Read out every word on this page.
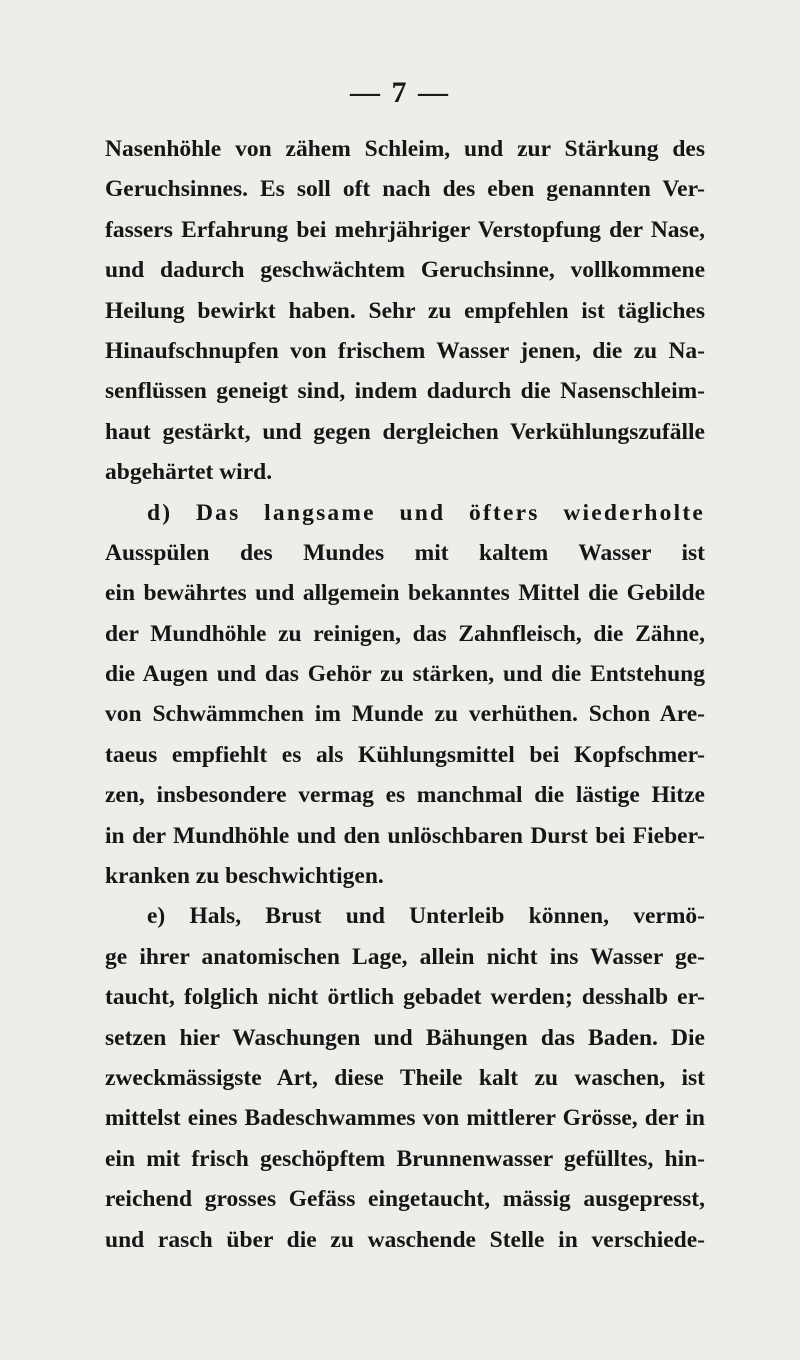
— 7 —
Nasenhöhle von zähem Schleim, und zur Stärkung des
Geruchsinnes. Es soll oft nach des eben genannten Ver-
fassers Erfahrung bei mehrjähriger Verstopfung der Nase,
und dadurch geschwächtem Geruchsinne, vollkommene
Heilung bewirkt haben. Sehr zu empfehlen ist tägliches
Hinaufschnupfen von frischem Wasser jenen, die zu Na-
senflüssen geneigt sind, indem dadurch die Nasenschleim-
haut gestärkt, und gegen dergleichen Verkühlungszufälle
abgehärtet wird.
d) Das langsame und öfters wiederholte
Ausspülen des Mundes mit kaltem Wasser ist
ein bewährtes und allgemein bekanntes Mittel die Gebilde
der Mundhöhle zu reinigen, das Zahnfleisch, die Zähne,
die Augen und das Gehör zu stärken, und die Entstehung
von Schwämmchen im Munde zu verhüthen. Schon Are-
taeus empfiehlt es als Kühlungsmittel bei Kopfschmer-
zen, insbesondere vermag es manchmal die lästige Hitze
in der Mundhöhle und den unlöschbaren Durst bei Fieber-
kranken zu beschwichtigen.
e) Hals, Brust und Unterleib können, vermö-
ge ihrer anatomischen Lage, allein nicht ins Wasser ge-
taucht, folglich nicht örtlich gebadet werden; desshalb er-
setzen hier Waschungen und Bähungen das Baden. Die
zweckmässigste Art, diese Theile kalt zu waschen, ist
mittelst eines Badeschwammes von mittlerer Grösse, der in
ein mit frisch geschöpftem Brunnenwasser gefülltes, hin-
reichend grosses Gefäss eingetaucht, mässig ausgepresst,
und rasch über die zu waschende Stelle in verschiede-
